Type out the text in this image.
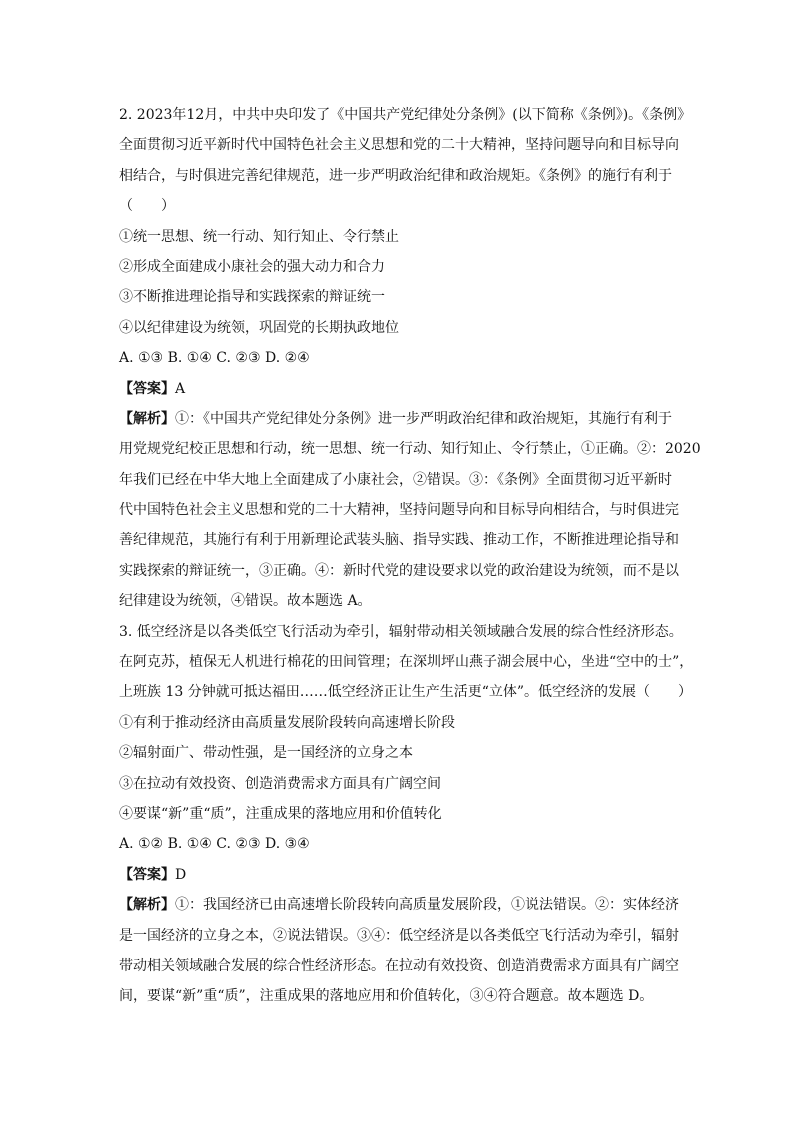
2. 2023年12月，中共中央印发了《中国共产党纪律处分条例》(以下简称《条例》)。《条例》
全面贯彻习近平新时代中国特色社会主义思想和党的二十大精神，坚持问题导向和目标导向
相结合，与时俱进完善纪律规范，进一步严明政治纪律和政治规矩。《条例》的施行有利于
（　　）
①统一思想、统一行动、知行知止、令行禁止
②形成全面建成小康社会的强大动力和合力
③不断推进理论指导和实践探索的辩证统一
④以纪律建设为统领，巩固党的长期执政地位
A. ①③ B. ①④ C. ②③ D. ②④
【答案】A
【解析】①：《中国共产党纪律处分条例》进一步严明政治纪律和政治规矩，其施行有利于
用党规党纪校正思想和行动，统一思想、统一行动、知行知止、令行禁止，①正确。②：2020
年我们已经在中华大地上全面建成了小康社会，②错误。③：《条例》全面贯彻习近平新时
代中国特色社会主义思想和党的二十大精神，坚持问题导向和目标导向相结合，与时俱进完
善纪律规范，其施行有利于用新理论武装头脑、指导实践、推动工作，不断推进理论指导和
实践探索的辩证统一，③正确。④：新时代党的建设要求以党的政治建设为统领，而不是以
纪律建设为统领，④错误。故本题选 A。
3. 低空经济是以各类低空飞行活动为牵引，辐射带动相关领域融合发展的综合性经济形态。
在阿克苏，植保无人机进行棉花的田间管理；在深圳坪山燕子湖会展中心，坐进“空中的士”，
上班族 13 分钟就可抵达福田……低空经济正让生产生活更“立体”。低空经济的发展（　　）
①有利于推动经济由高质量发展阶段转向高速增长阶段
②辐射面广、带动性强，是一国经济的立身之本
③在拉动有效投资、创造消费需求方面具有广阔空间
④要谋“新”重“质”，注重成果的落地应用和价值转化
A. ①② B. ①④ C. ②③ D. ③④
【答案】D
【解析】①：我国经济已由高速增长阶段转向高质量发展阶段，①说法错误。②：实体经济
是一国经济的立身之本，②说法错误。③④：低空经济是以各类低空飞行活动为牵引，辐射
带动相关领域融合发展的综合性经济形态。在拉动有效投资、创造消费需求方面具有广阔空
间，要谋“新”重“质”，注重成果的落地应用和价值转化，③④符合题意。故本题选 D。
